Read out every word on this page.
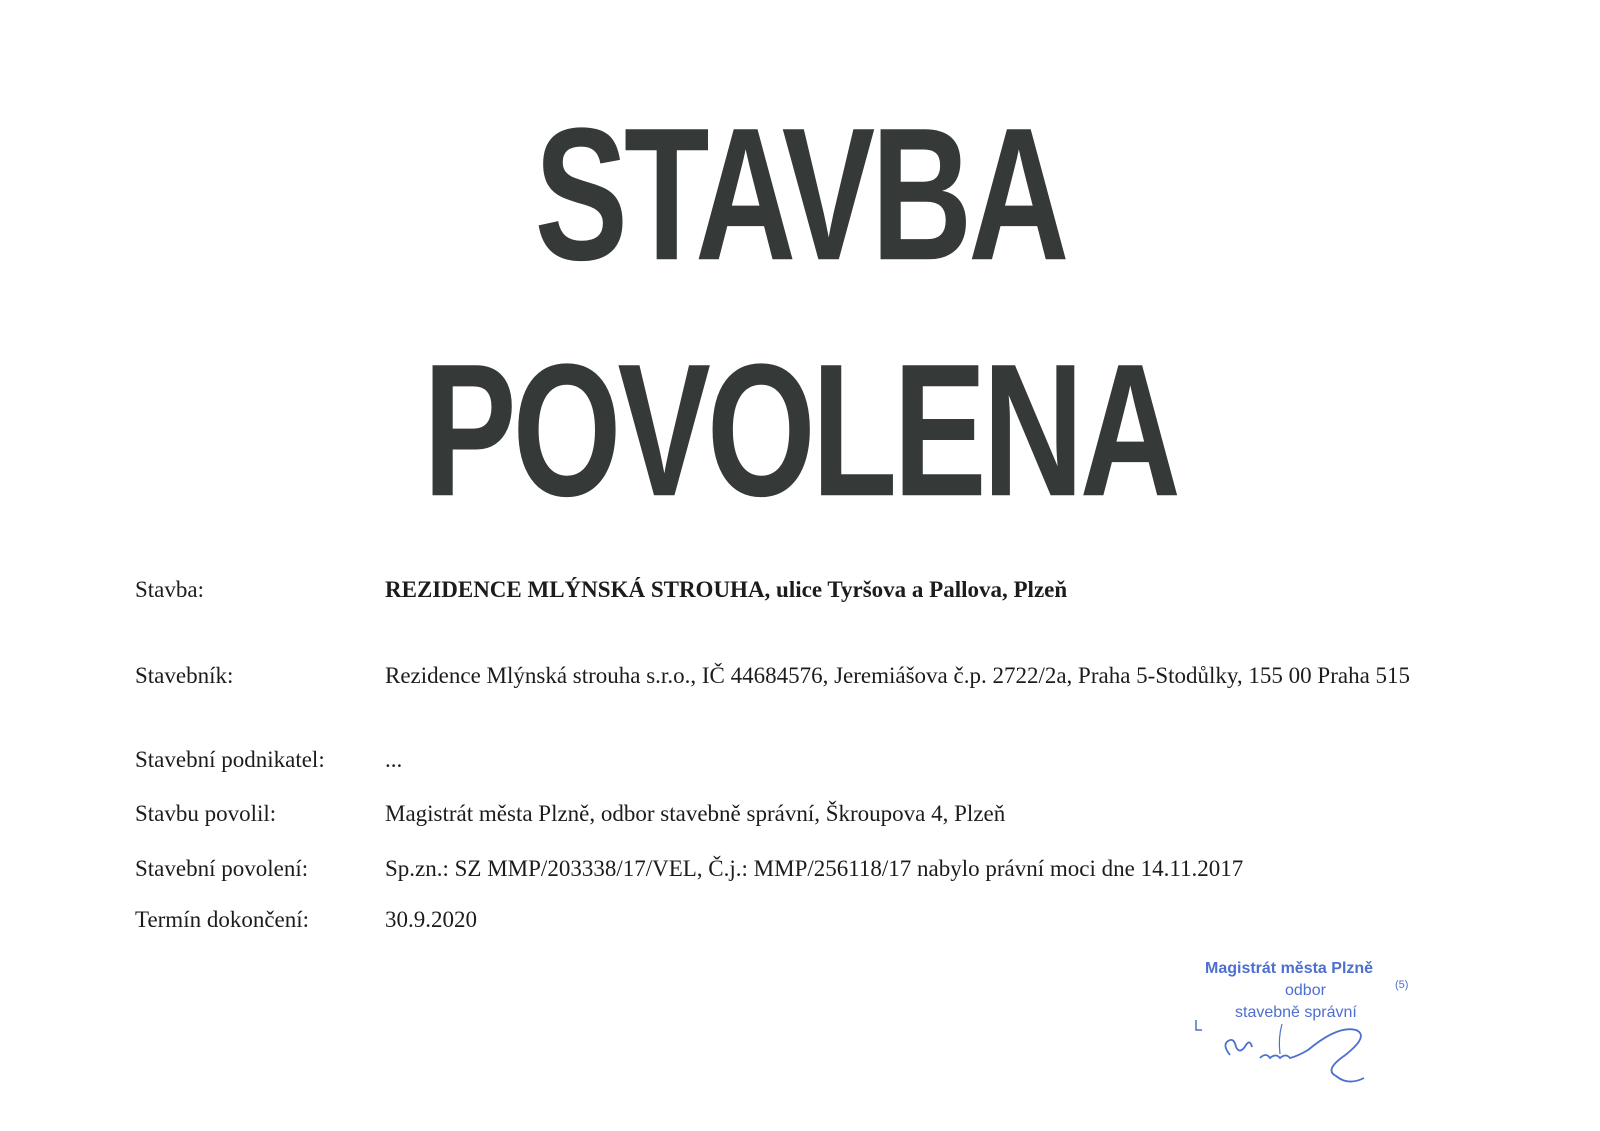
STAVBA
POVOLENA
Stavba:	REZIDENCE MLÝNSKÁ STROUHA, ulice Tyršova a Pallova, Plzeň
Stavebník:	Rezidence Mlýnská strouha s.r.o., IČ 44684576, Jeremiášova č.p. 2722/2a, Praha 5-Stodůlky, 155 00 Praha 515
Stavební podnikatel:	...
Stavbu povolil:	Magistrát města Plzně, odbor stavebně správní, Škroupova 4, Plzeň
Stavební povolení:	Sp.zn.: SZ MMP/203338/17/VEL, Č.j.: MMP/256118/17 nabylo právní moci dne 14.11.2017
Termín dokončení:	30.9.2020
Magistrát města Plzně
odbor	(5)
stavebně správní
